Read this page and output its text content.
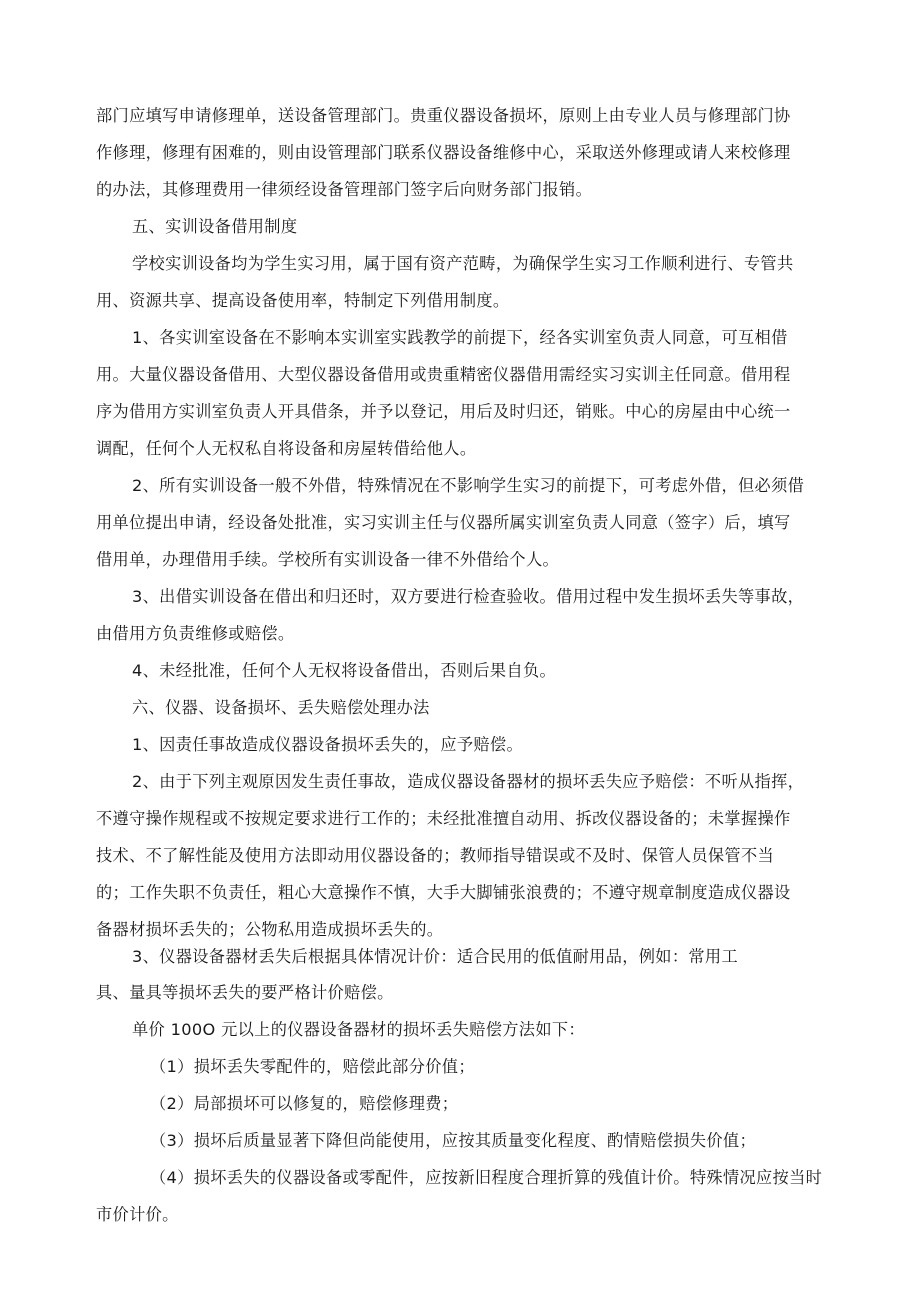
部门应填写申请修理单，送设备管理部门。贵重仪器设备损坏，原则上由专业人员与修理部门协
作修理，修理有困难的，则由设管理部门联系仪器设备维修中心，采取送外修理或请人来校修理
的办法，其修理费用一律须经设备管理部门签字后向财务部门报销。
五、实训设备借用制度
学校实训设备均为学生实习用，属于国有资产范畴，为确保学生实习工作顺利进行、专管共
用、资源共享、提高设备使用率，特制定下列借用制度。
1、各实训室设备在不影响本实训室实践教学的前提下，经各实训室负责人同意，可互相借
用。大量仪器设备借用、大型仪器设备借用或贵重精密仪器借用需经实习实训主任同意。借用程
序为借用方实训室负责人开具借条，并予以登记，用后及时归还，销账。中心的房屋由中心统一
调配，任何个人无权私自将设备和房屋转借给他人。
2、所有实训设备一般不外借，特殊情况在不影响学生实习的前提下，可考虑外借，但必须借
用单位提出申请，经设备处批准，实习实训主任与仪器所属实训室负责人同意（签字）后，填写
借用单，办理借用手续。学校所有实训设备一律不外借给个人。
3、出借实训设备在借出和归还时，双方要进行检查验收。借用过程中发生损坏丢失等事故，
由借用方负责维修或赔偿。
4、未经批准，任何个人无权将设备借出，否则后果自负。
六、仪器、设备损坏、丢失赔偿处理办法
1、因责任事故造成仪器设备损坏丢失的，应予赔偿。
2、由于下列主观原因发生责任事故，造成仪器设备器材的损坏丢失应予赔偿：不听从指挥，
不遵守操作规程或不按规定要求进行工作的；未经批准擅自动用、拆改仪器设备的；未掌握操作
技术、不了解性能及使用方法即动用仪器设备的；教师指导错误或不及时、保管人员保管不当
的；工作失职不负责任，粗心大意操作不慎，大手大脚铺张浪费的；不遵守规章制度造成仪器设
备器材损坏丢失的；公物私用造成损坏丢失的。
3、仪器设备器材丢失后根据具体情况计价：适合民用的低值耐用品，例如：常用工
具、量具等损坏丢失的要严格计价赔偿。
单价 100O 元以上的仪器设备器材的损坏丢失赔偿方法如下：
（1）损坏丢失零配件的，赔偿此部分价值；
（2）局部损坏可以修复的，赔偿修理费；
（3）损坏后质量显著下降但尚能使用，应按其质量变化程度、酌情赔偿损失价值；
（4）损坏丢失的仪器设备或零配件，应按新旧程度合理折算的残值计价。特殊情况应按当时
市价计价。
